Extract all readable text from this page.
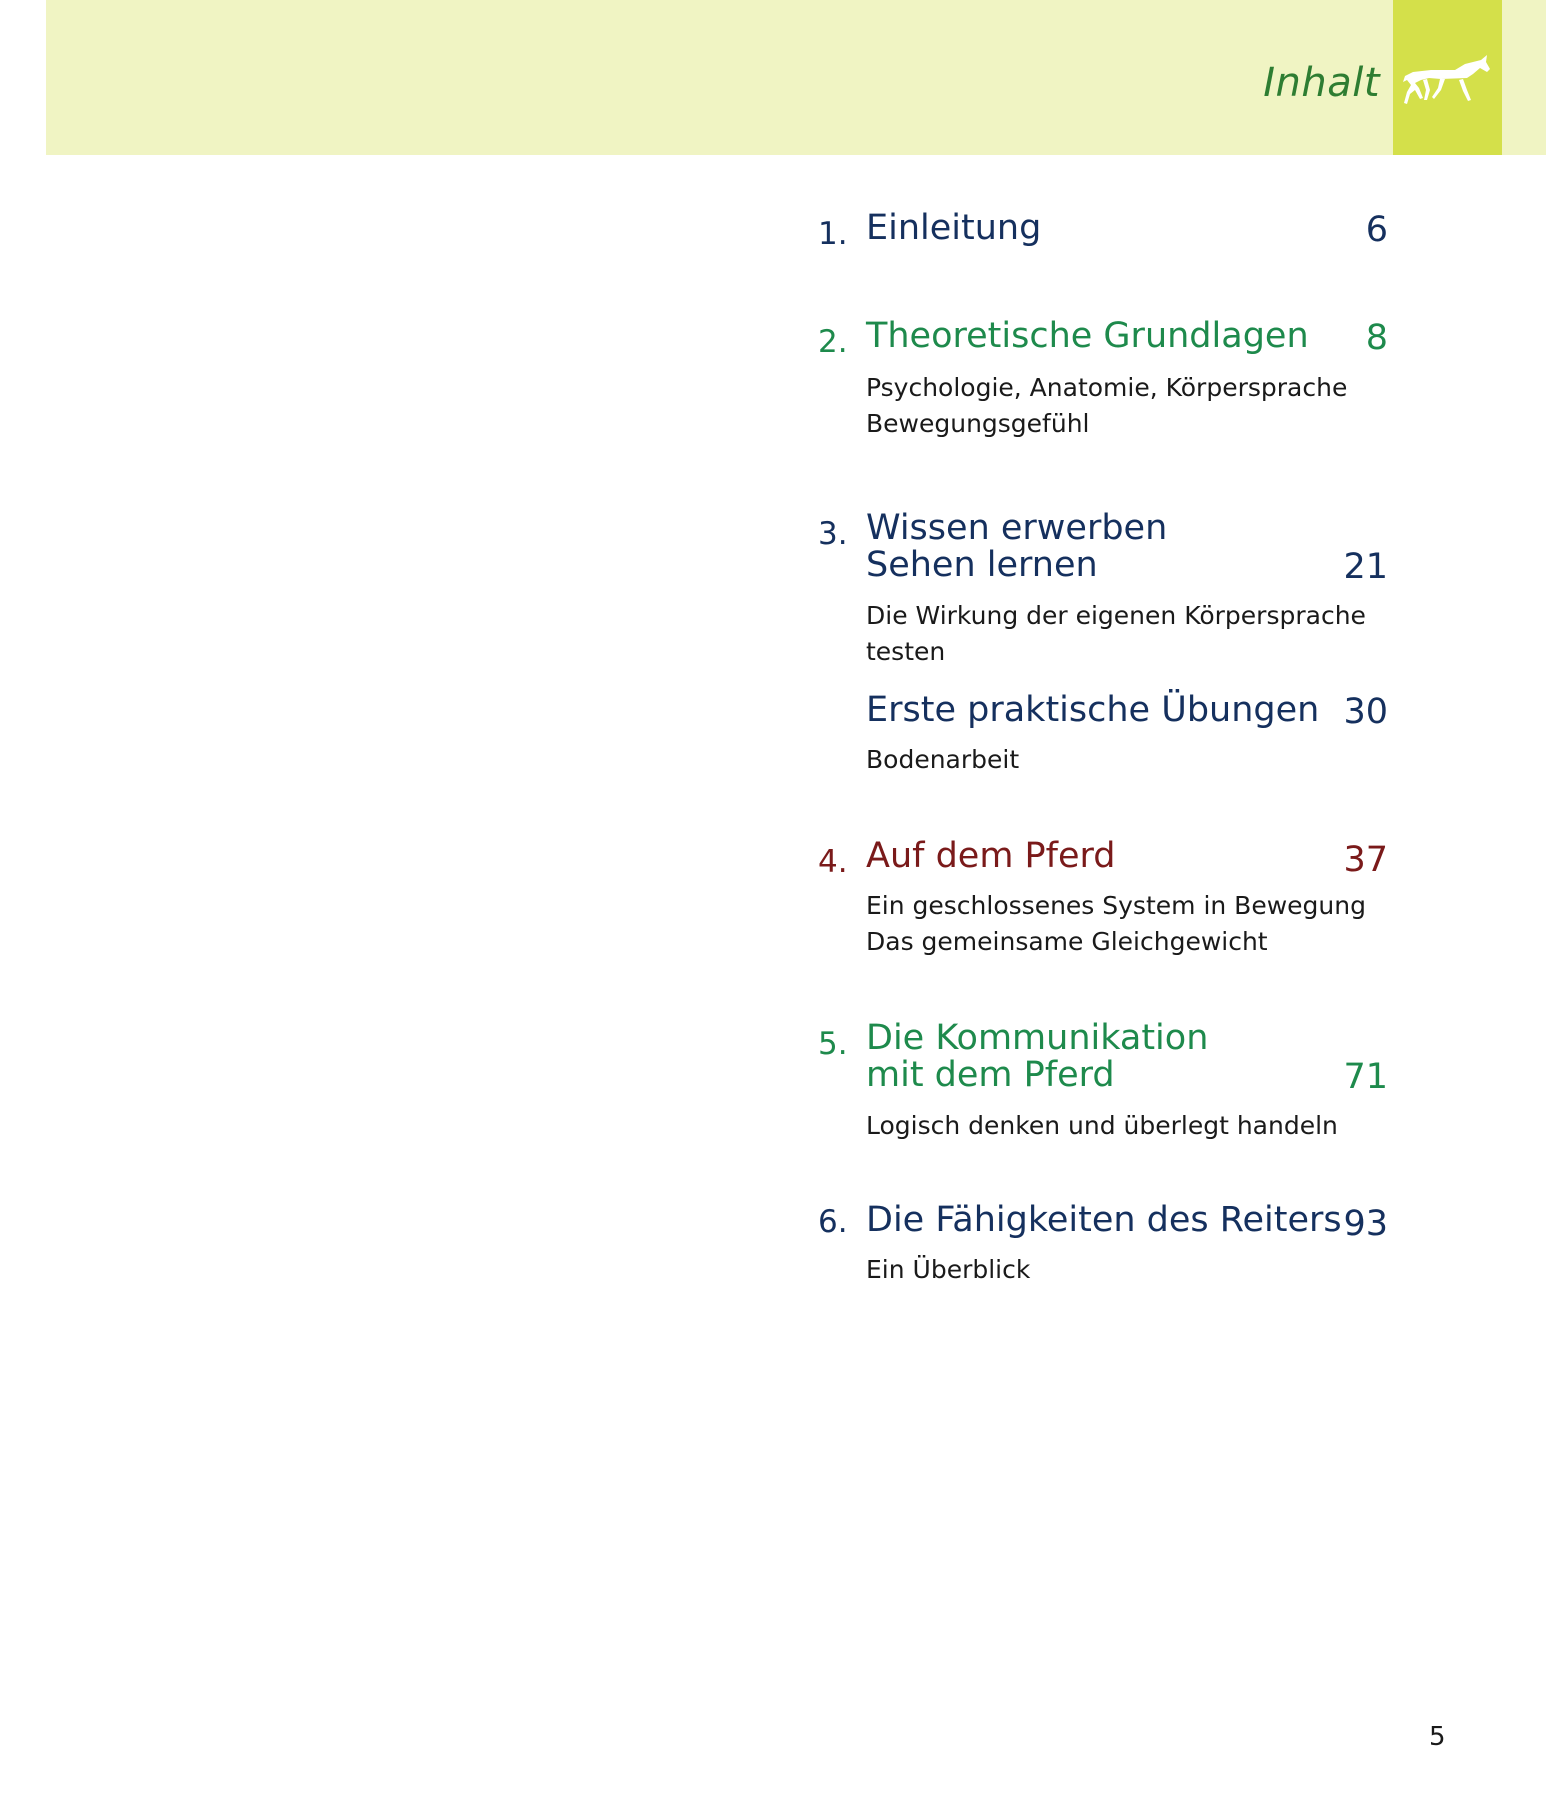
Inhalt
1. Einleitung	6
2. Theoretische Grundlagen 8
Psychologie, Anatomie, Körpersprache
Bewegungsgefühl
3. Wissen erwerben
Sehen lernen	21
Die Wirkung der eigenen Körpersprache
testen
Erste praktische Übungen 30
Bodenarbeit
4. Auf dem Pferd	37
Ein geschlossenes System in Bewegung
Das gemeinsame Gleichgewicht
5. Die Kommunikation
mit dem Pferd	71
Logisch denken und überlegt handeln
6. Die Fähigkeiten des Reiters 93
Ein Überblick
5
